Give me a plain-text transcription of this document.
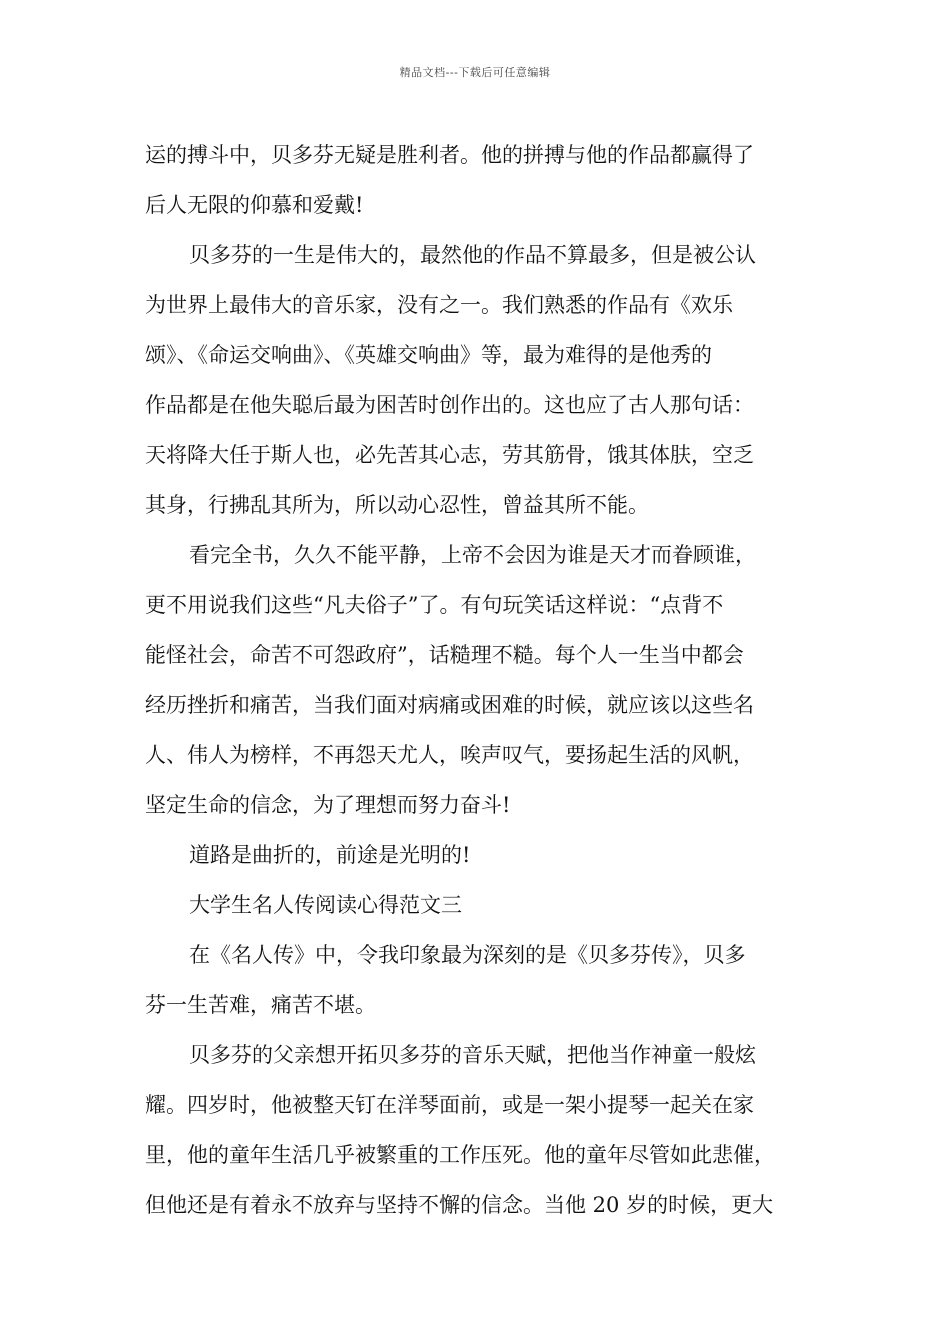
精品文档---下载后可任意编辑
运的搏斗中，贝多芬无疑是胜利者。他的拼搏与他的作品都赢得了
后人无限的仰慕和爱戴!
贝多芬的一生是伟大的，最然他的作品不算最多，但是被公认
为世界上最伟大的音乐家，没有之一。我们熟悉的作品有《欢乐
颂》、《命运交响曲》、《英雄交响曲》等，最为难得的是他秀的
作品都是在他失聪后最为困苦时创作出的。这也应了古人那句话：
天将降大任于斯人也，必先苦其心志，劳其筋骨，饿其体肤，空乏
其身，行拂乱其所为，所以动心忍性，曾益其所不能。
看完全书，久久不能平静，上帝不会因为谁是天才而眷顾谁，
更不用说我们这些“凡夫俗子”了。有句玩笑话这样说：“点背不
能怪社会，命苦不可怨政府”，话糙理不糙。每个人一生当中都会
经历挫折和痛苦，当我们面对病痛或困难的时候，就应该以这些名
人、伟人为榜样，不再怨天尤人，唉声叹气，要扬起生活的风帆，
坚定生命的信念，为了理想而努力奋斗!
道路是曲折的，前途是光明的!
大学生名人传阅读心得范文三
在《名人传》中，令我印象最为深刻的是《贝多芬传》，贝多
芬一生苦难，痛苦不堪。
贝多芬的父亲想开拓贝多芬的音乐天赋，把他当作神童一般炫
耀。四岁时，他被整天钉在洋琴面前，或是一架小提琴一起关在家
里，他的童年生活几乎被繁重的工作压死。他的童年尽管如此悲催，
但他还是有着永不放弃与坚持不懈的信念。当他 20 岁的时候，更大
